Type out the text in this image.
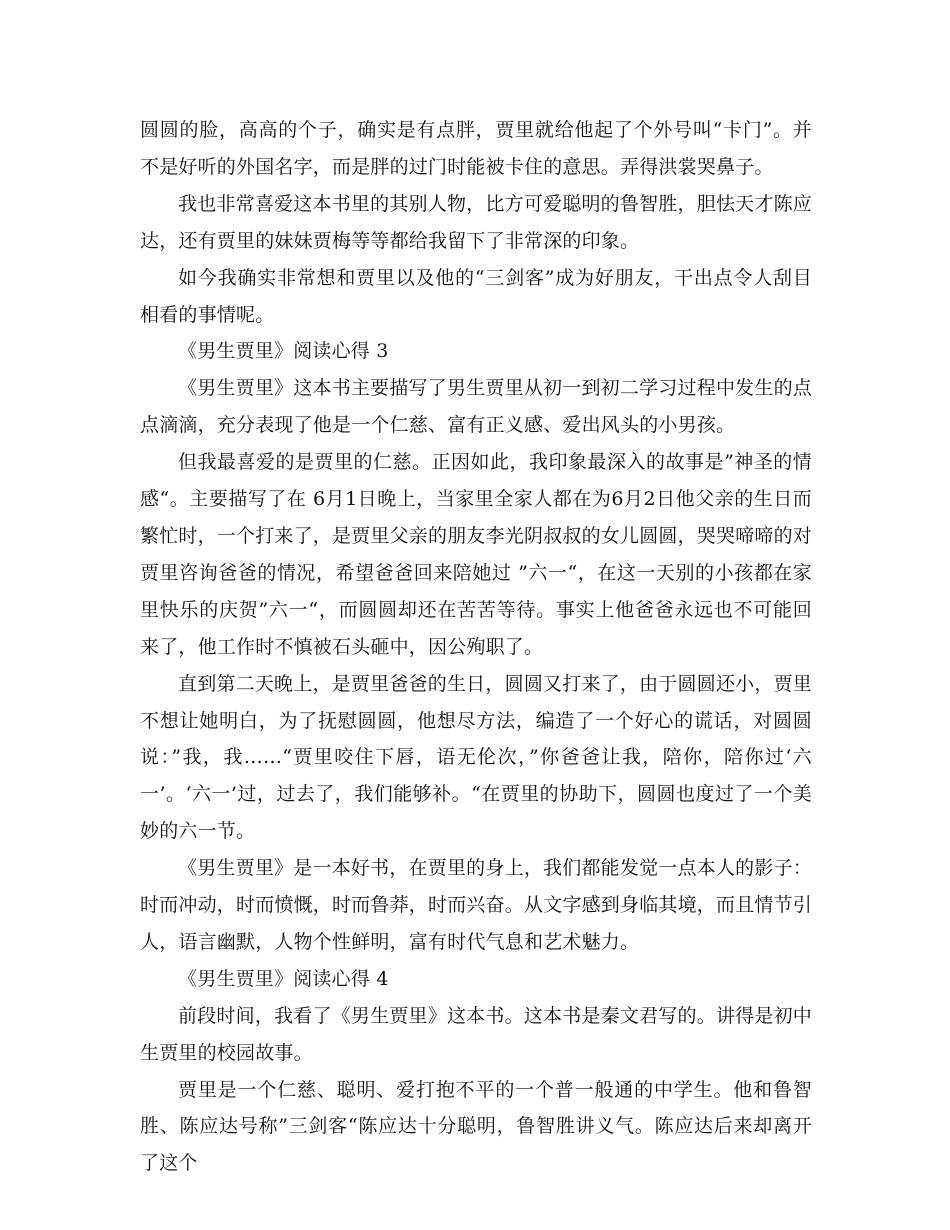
圆圆的脸，高高的个子，确实是有点胖，贾里就给他起了个外号叫“卡门”。并不是好听的外国名字，而是胖的过门时能被卡住的意思。弄得洪裳哭鼻子。

我也非常喜爱这本书里的其别人物，比方可爱聪明的鲁智胜，胆怯天才陈应达，还有贾里的妹妹贾梅等等都给我留下了非常深的印象。

如今我确实非常想和贾里以及他的“三剑客”成为好朋友，干出点令人刮目相看的事情呢。

《男生贾里》阅读心得 3

《男生贾里》这本书主要描写了男生贾里从初一到初二学习过程中发生的点点滴滴，充分表现了他是一个仁慈、富有正义感、爱出风头的小男孩。

但我最喜爱的是贾里的仁慈。正因如此，我印象最深入的故事是”神圣的情感“。主要描写了在 6月1日晚上，当家里全家人都在为6月2日他父亲的生日而繁忙时，一个打来了，是贾里父亲的朋友李光阴叔叔的女儿圆圆，哭哭啼啼的对贾里咨询爸爸的情况，希望爸爸回来陪她过 ”六一“，在这一天别的小孩都在家里快乐的庆贺”六一“，而圆圆却还在苦苦等待。事实上他爸爸永远也不可能回来了，他工作时不慎被石头砸中，因公殉职了。

直到第二天晚上，是贾里爸爸的生日，圆圆又打来了，由于圆圆还小，贾里不想让她明白，为了抚慰圆圆，他想尽方法，编造了一个好心的谎话，对圆圆说：”我，我……“贾里咬住下唇，语无伦次，”你爸爸让我，陪你，陪你过‘六一’。‘六一’过，过去了，我们能够补。“在贾里的协助下，圆圆也度过了一个美妙的六一节。

《男生贾里》是一本好书，在贾里的身上，我们都能发觉一点本人的影子：时而冲动，时而愤慨，时而鲁莽，时而兴奋。从文字感到身临其境，而且情节引人，语言幽默，人物个性鲜明，富有时代气息和艺术魅力。

《男生贾里》阅读心得 4

前段时间，我看了《男生贾里》这本书。这本书是秦文君写的。讲得是初中生贾里的校园故事。

贾里是一个仁慈、聪明、爱打抱不平的一个普一般通的中学生。他和鲁智胜、陈应达号称”三剑客“陈应达十分聪明，鲁智胜讲义气。陈应达后来却离开了这个
